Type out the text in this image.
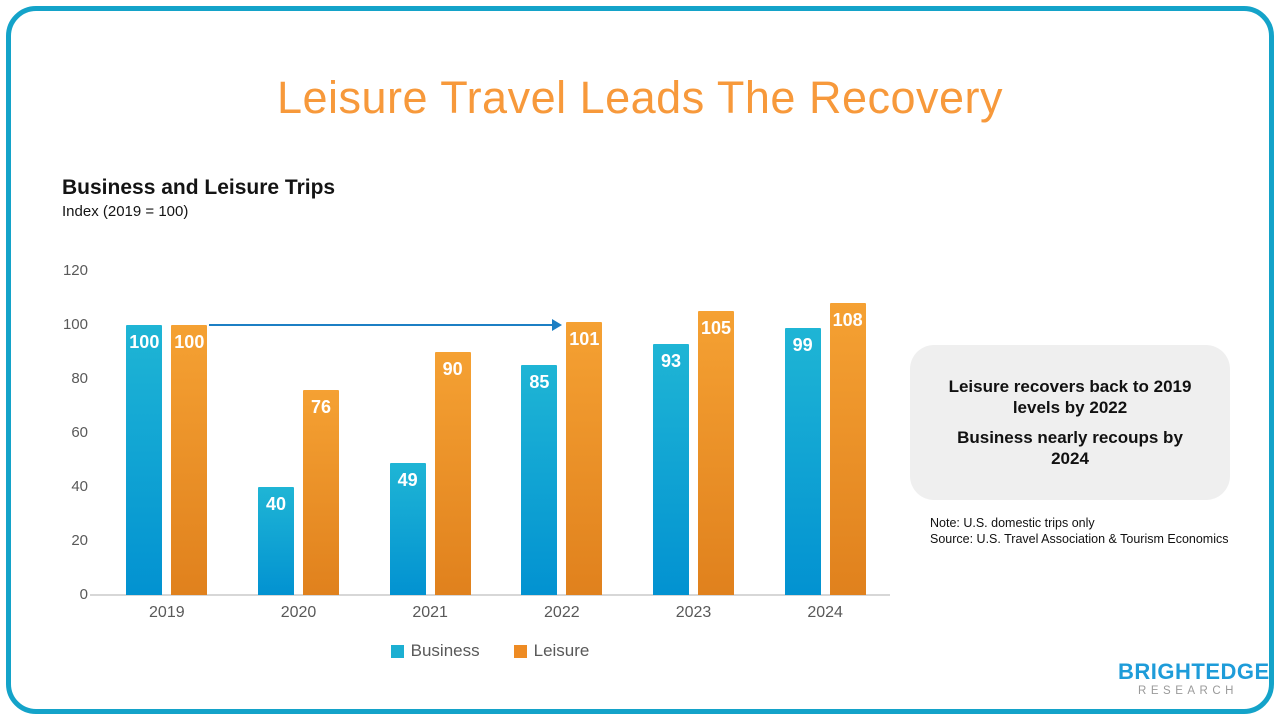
Leisure Travel Leads The Recovery

Business and Leisure Trips

Index (2019 = 100)

0
20
40
60
80
100
120
100 100
2019
40
76
2020
49
90
2021
85
101
2022
93
105
2023
99
108
2024
Business	Leisure

Leisure recovers back to 2019 levels by 2022

Business nearly recoups by 2024

Note: U.S. domestic trips only
Source: U.S. Travel Association & Tourism Economics
BRIGHTEDGE
RESEARCH
